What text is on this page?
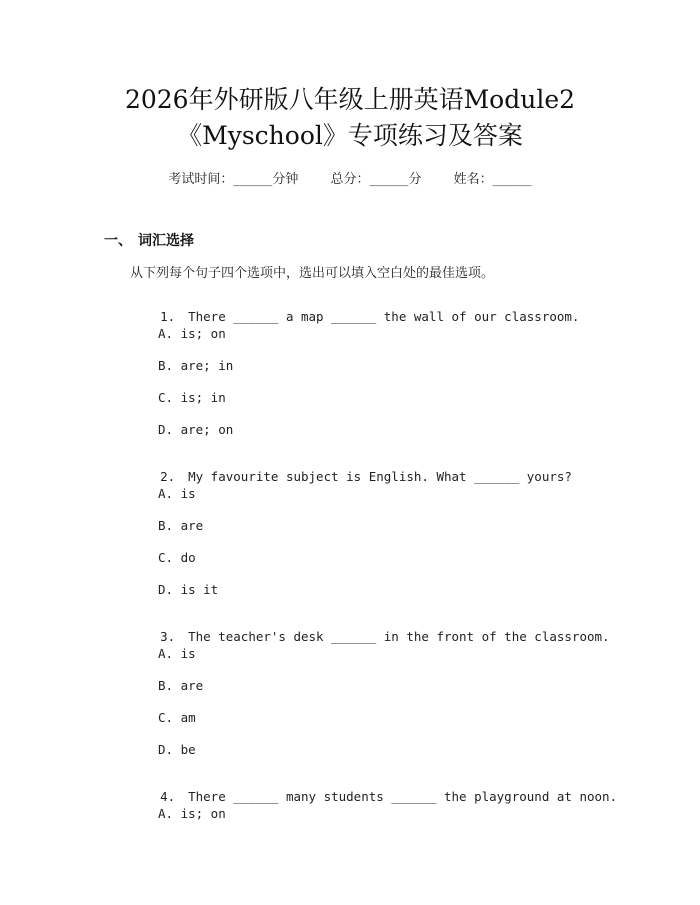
2026年外研版八年级上册英语Module2
《Myschool》专项练习及答案
考试时间：______分钟 总分：______分 姓名：______
一、 词汇选择
从下列每个句子四个选项中，选出可以填入空白处的最佳选项。

1. There ______ a map ______ the wall of our classroom.

A. is; on
B. are; in
C. is; in
D. are; on

2. My favourite subject is English. What ______ yours?

A. is
B. are
C. do
D. is it

3. The teacher's desk ______ in the front of the classroom.

A. is
B. are
C. am
D. be

4. There ______ many students ______ the playground at noon.

A. is; on
